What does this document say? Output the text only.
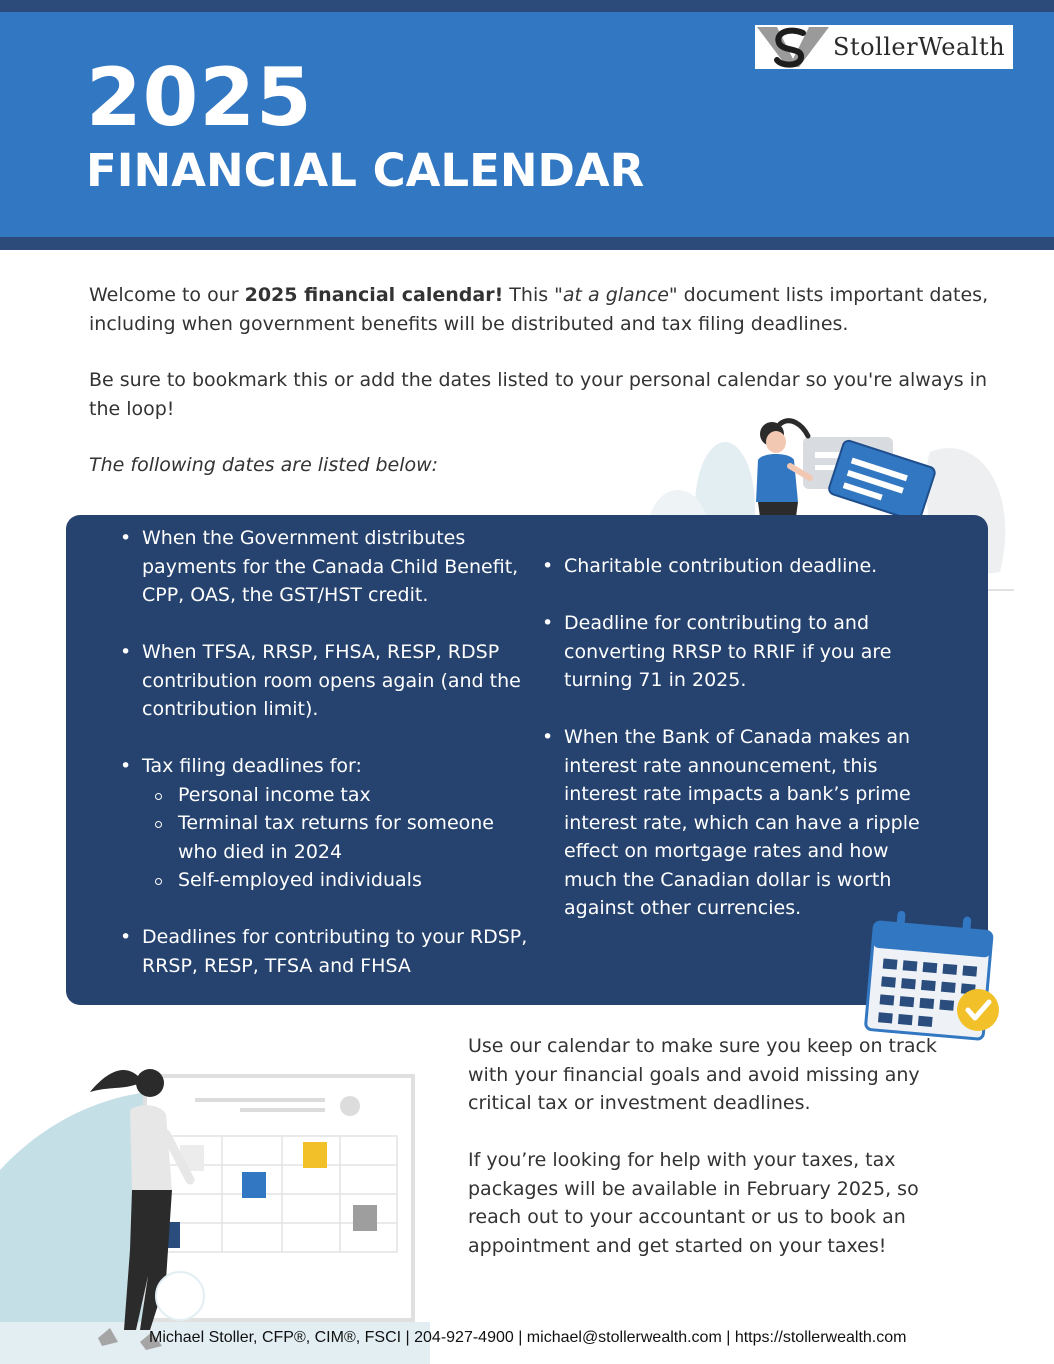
2025
FINANCIAL CALENDAR
StollerWealth

Welcome to our 2025 financial calendar! This "at a glance" document lists important dates, including when government benefits will be distributed and tax filing deadlines.

Be sure to bookmark this or add the dates listed to your personal calendar so you're always in the loop!

The following dates are listed below:

• When the Government distributes payments for the Canada Child Benefit, CPP, OAS, the GST/HST credit.
• When TFSA, RRSP, FHSA, RESP, RDSP contribution room opens again (and the contribution limit).
• Tax filing deadlines for:
Personal income tax
Terminal tax returns for someone who died in 2024
Self-employed individuals
• Deadlines for contributing to your RDSP, RRSP, RESP, TFSA and FHSA
• Charitable contribution deadline.
• Deadline for contributing to and converting RRSP to RRIF if you are turning 71 in 2025.
• When the Bank of Canada makes an interest rate announcement, this interest rate impacts a bank’s prime interest rate, which can have a ripple effect on mortgage rates and how much the Canadian dollar is worth against other currencies.

Use our calendar to make sure you keep on track with your financial goals and avoid missing any critical tax or investment deadlines.

If you’re looking for help with your taxes, tax packages will be available in February 2025, so reach out to your accountant or us to book an appointment and get started on your taxes!

Michael Stoller, CFP®, CIM®, FSCI | 204-927-4900 | michael@stollerwealth.com | https://stollerwealth.com
